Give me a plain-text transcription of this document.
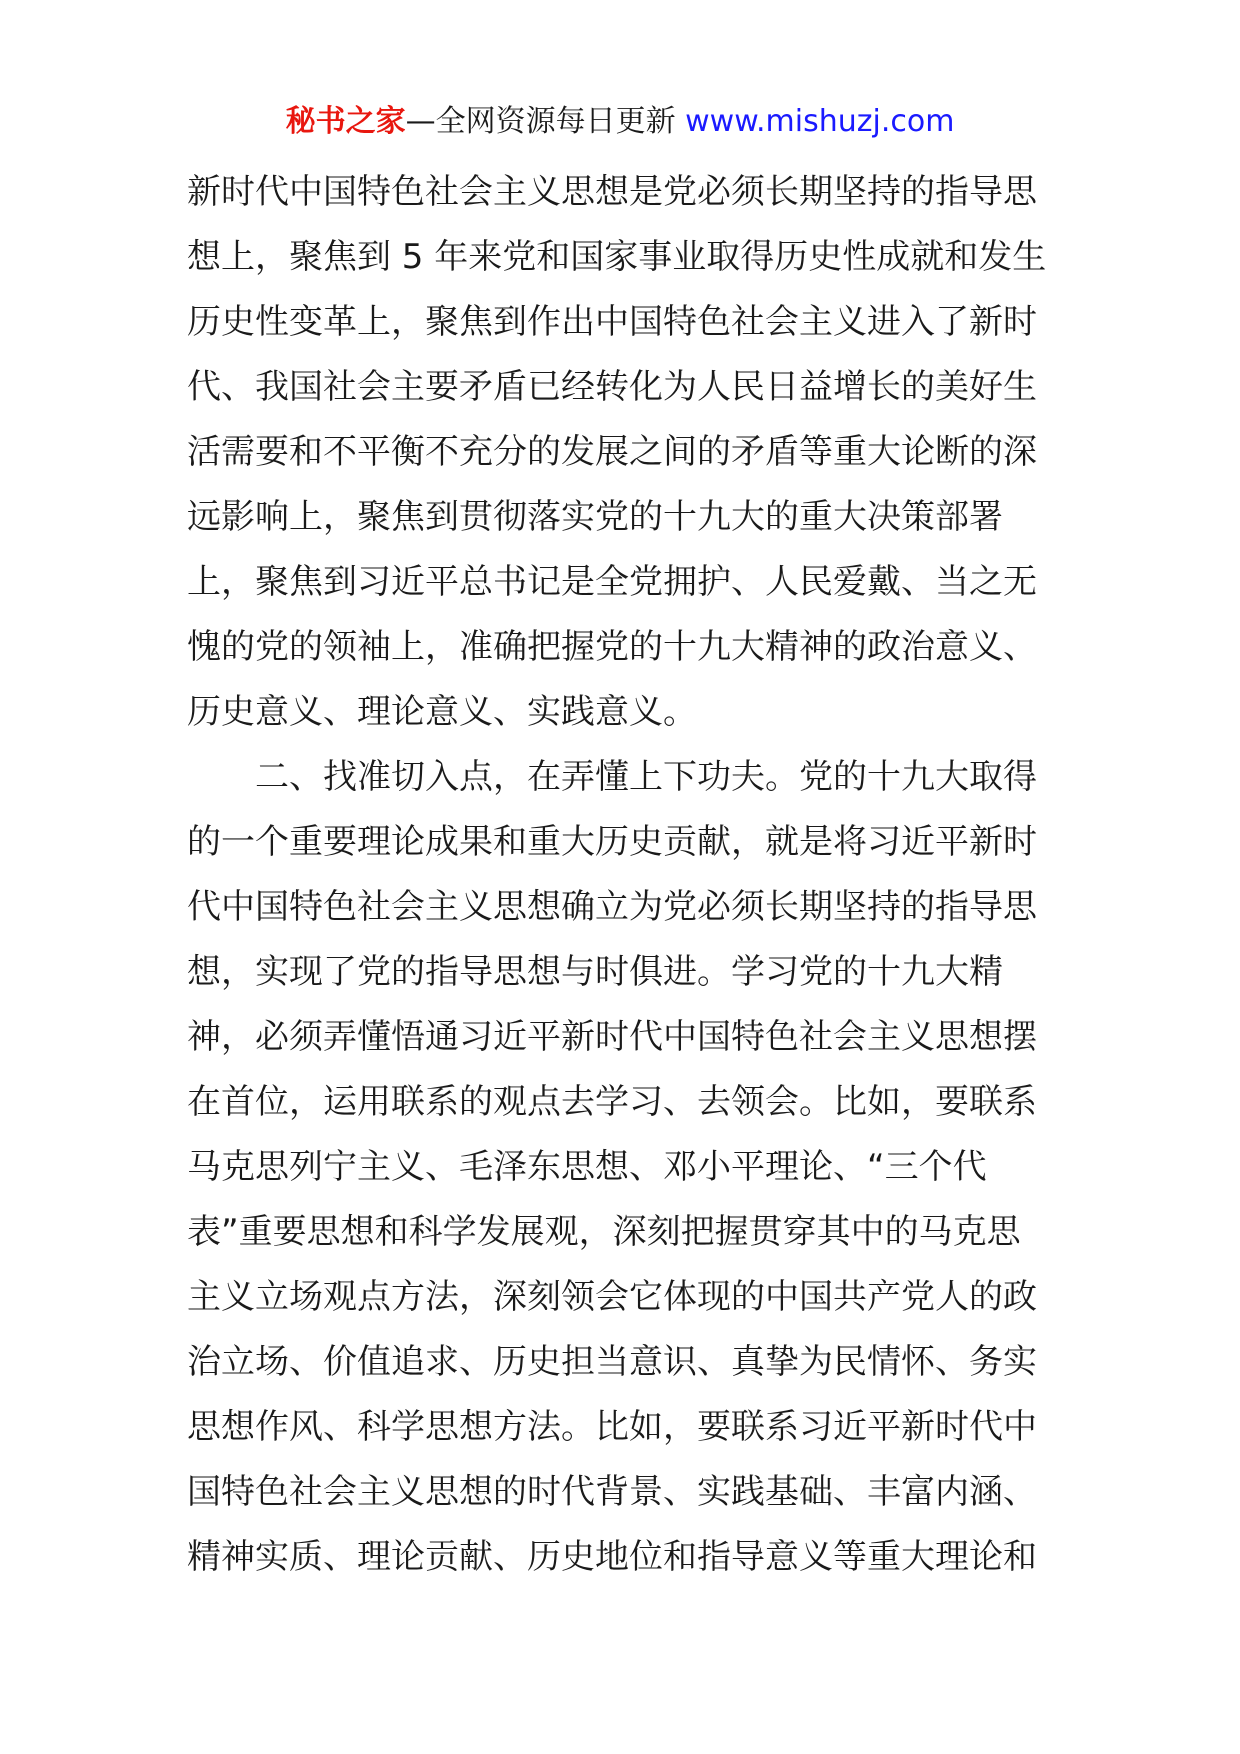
秘书之家—全网资源每日更新 www.mishuzj.com
新时代中国特色社会主义思想是党必须长期坚持的指导思
想上，聚焦到 5 年来党和国家事业取得历史性成就和发生
历史性变革上，聚焦到作出中国特色社会主义进入了新时
代、我国社会主要矛盾已经转化为人民日益增长的美好生
活需要和不平衡不充分的发展之间的矛盾等重大论断的深
远影响上，聚焦到贯彻落实党的十九大的重大决策部署
上，聚焦到习近平总书记是全党拥护、人民爱戴、当之无
愧的党的领袖上，准确把握党的十九大精神的政治意义、
历史意义、理论意义、实践意义。
　　二、找准切入点，在弄懂上下功夫。党的十九大取得
的一个重要理论成果和重大历史贡献，就是将习近平新时
代中国特色社会主义思想确立为党必须长期坚持的指导思
想，实现了党的指导思想与时俱进。学习党的十九大精
神，必须弄懂悟通习近平新时代中国特色社会主义思想摆
在首位，运用联系的观点去学习、去领会。比如，要联系
马克思列宁主义、毛泽东思想、邓小平理论、“三个代
表”重要思想和科学发展观，深刻把握贯穿其中的马克思
主义立场观点方法，深刻领会它体现的中国共产党人的政
治立场、价值追求、历史担当意识、真挚为民情怀、务实
思想作风、科学思想方法。比如，要联系习近平新时代中
国特色社会主义思想的时代背景、实践基础、丰富内涵、
精神实质、理论贡献、历史地位和指导意义等重大理论和
